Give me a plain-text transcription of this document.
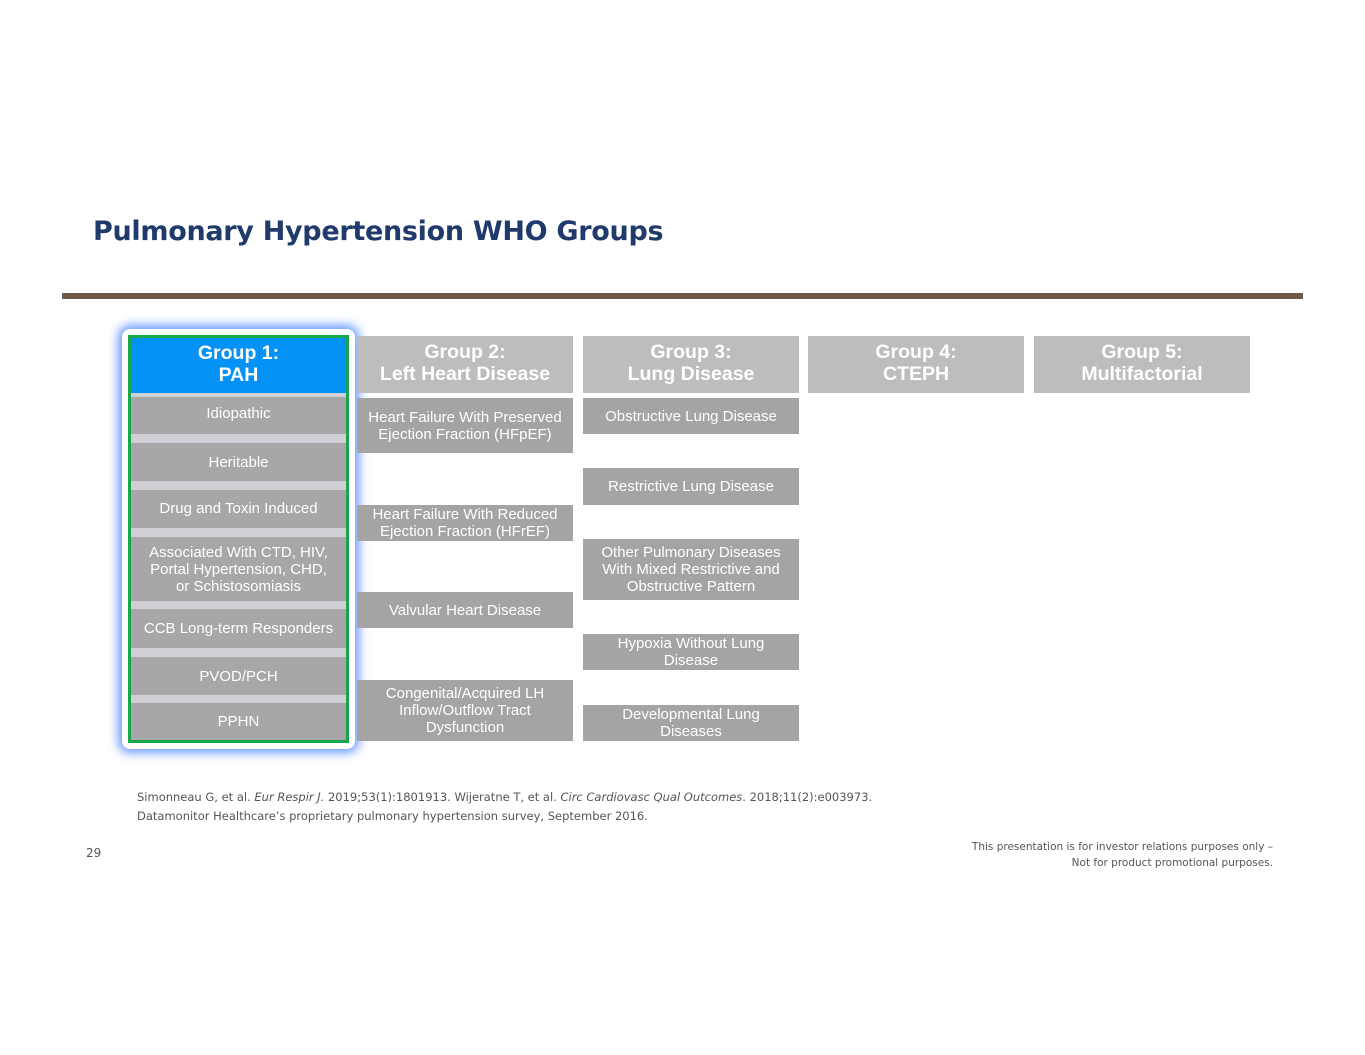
Pulmonary Hypertension WHO Groups
Group 1:
PAH
Idiopathic
Heritable
Drug and Toxin Induced
Associated With CTD, HIV,
Portal Hypertension, CHD,
or Schistosomiasis
CCB Long-term Responders
PVOD/PCH
PPHN
Group 2:
Left Heart Disease
Heart Failure With Preserved
Ejection Fraction (HFpEF)
Heart Failure With Reduced
Ejection Fraction (HFrEF)
Valvular Heart Disease
Congenital/Acquired LH
Inflow/Outflow Tract
Dysfunction
Group 3:
Lung Disease
Obstructive Lung Disease
Restrictive Lung Disease
Other Pulmonary Diseases
With Mixed Restrictive and
Obstructive Pattern
Hypoxia Without Lung
Disease
Developmental Lung
Diseases
Group 4:
CTEPH
Group 5:
Multifactorial
Simonneau G, et al. Eur Respir J. 2019;53(1):1801913. Wijeratne T, et al. Circ Cardiovasc Qual Outcomes. 2018;11(2):e003973.
Datamonitor Healthcare’s proprietary pulmonary hypertension survey, September 2016.
29	This presentation is for investor relations purposes only –
Not for product promotional purposes.
